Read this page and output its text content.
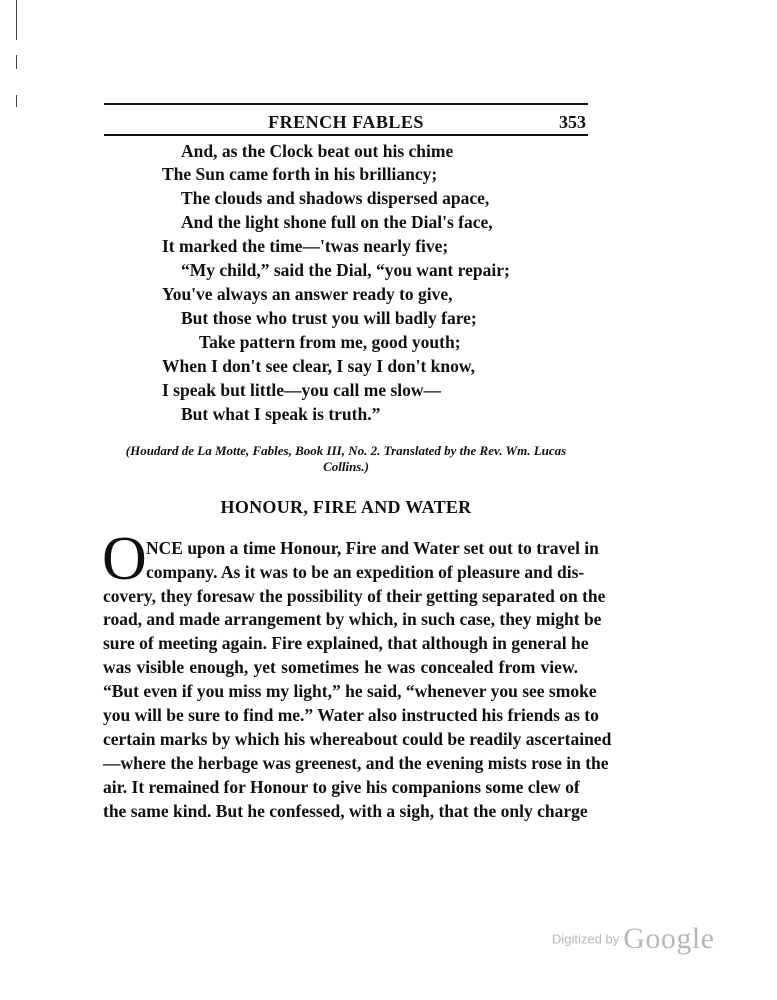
FRENCH FABLES	353
And, as the Clock beat out his chime
The Sun came forth in his brilliancy;
The clouds and shadows dispersed apace,
And the light shone full on the Dial's face,
It marked the time—'twas nearly five;
“My child,” said the Dial, “you want repair;
You've always an answer ready to give,
But those who trust you will badly fare;
Take pattern from me, good youth;
When I don't see clear, I say I don't know,
I speak but little—you call me slow—
But what I speak is truth.”
(Houdard de La Motte, Fables, Book III, No. 2. Translated by the Rev. Wm. Lucas
Collins.)
HONOUR, FIRE AND WATER
O NCE upon a time Honour, Fire and Water set out to travel in
company. As it was to be an expedition of pleasure and dis-
covery, they foresaw the possibility of their getting separated on the
road, and made arrangement by which, in such case, they might be
sure of meeting again. Fire explained, that although in general he
was visible enough, yet sometimes he was concealed from view.
“But even if you miss my light,” he said, “whenever you see smoke
you will be sure to find me.” Water also instructed his friends as to
certain marks by which his whereabout could be readily ascertained
—where the herbage was greenest, and the evening mists rose in the
air. It remained for Honour to give his companions some clew of
the same kind. But he confessed, with a sigh, that the only charge
Digitized by Google
